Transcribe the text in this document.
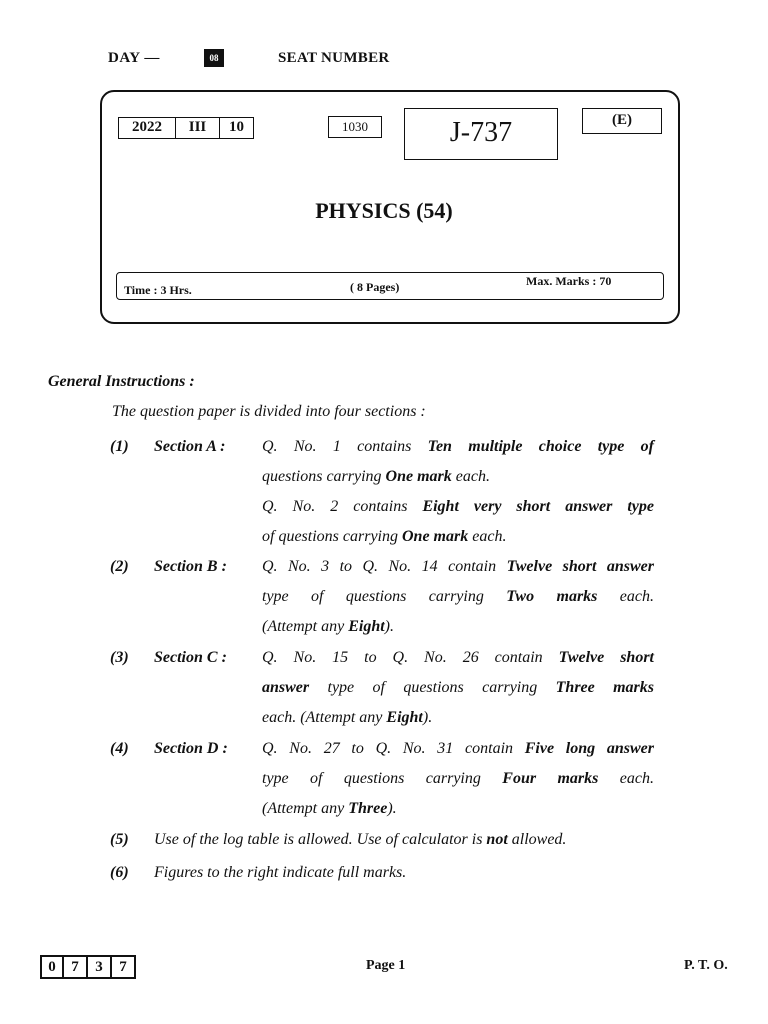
DAY —	08	SEAT NUMBER
2022	III	10	1030	J-737	(E)
PHYSICS (54)
Time : 3 Hrs.	( 8 Pages)	Max. Marks : 70
General Instructions :
The question paper is divided into four sections :
(1) Section A : Q. No. 1 contains Ten multiple choice type of
questions carrying One mark each.
Q. No. 2 contains Eight very short answer type
of questions carrying One mark each.
(2) Section B : Q. No. 3 to Q. No. 14 contain Twelve short answer
type of questions carrying Two marks each.
(Attempt any Eight).
(3) Section C : Q. No. 15 to Q. No. 26 contain Twelve short
answer type of questions carrying Three marks
each. (Attempt any Eight).
(4) Section D : Q. No. 27 to Q. No. 31 contain Five long answer
type of questions carrying Four marks each.
(Attempt any Three).
(5) Use of the log table is allowed. Use of calculator is not allowed.
(6) Figures to the right indicate full marks.
0	7	3	7	Page 1	P. T. O.
